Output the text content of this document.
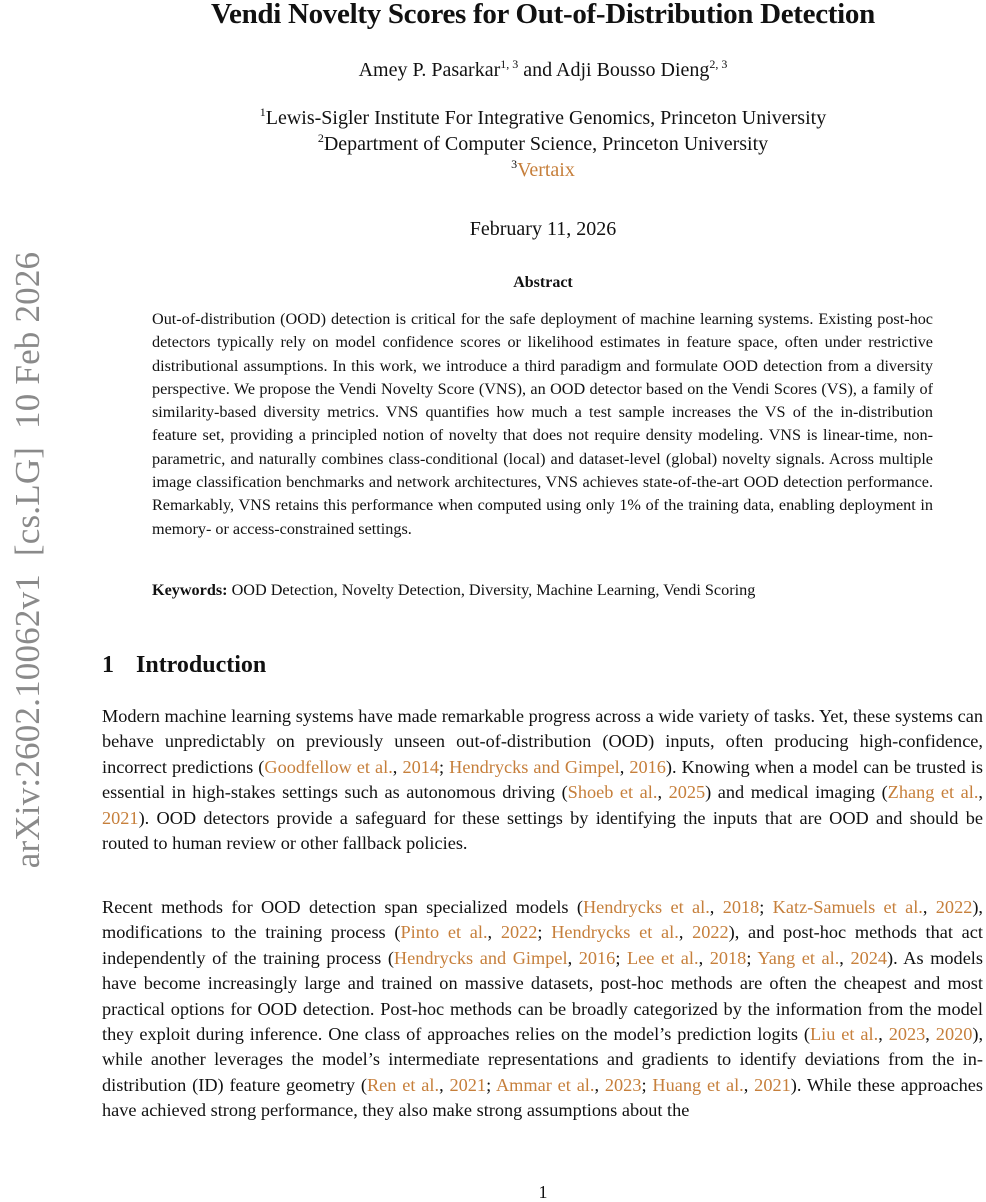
arXiv:2602.10062v1  [cs.LG]  10 Feb 2026
Vendi Novelty Scores for Out-of-Distribution Detection
Amey P. Pasarkar$^{1, 3}$ and Adji Bousso Dieng$^{2, 3}$
$^1$Lewis-Sigler Institute For Integrative Genomics, Princeton University
$^2$Department of Computer Science, Princeton University
$^3$Vertaix
February 11, 2026
Abstract

Out-of-distribution (OOD) detection is critical for the safe deployment of machine learning systems. Existing post-hoc detectors typically rely on model confidence scores or likelihood estimates in feature space, often under restrictive distributional assumptions. In this work, we introduce a third paradigm and formulate OOD detection from a diversity perspective. We propose the Vendi Novelty Score (VNS), an OOD detector based on the Vendi Scores (VS), a family of similarity-based diversity metrics. VNS quantifies how much a test sample increases the VS of the in-distribution feature set, providing a principled notion of novelty that does not require density modeling. VNS is linear-time, non-parametric, and naturally combines class-conditional (local) and dataset-level (global) novelty signals. Across multiple image classification benchmarks and network architectures, VNS achieves state-of-the-art OOD detection performance. Remarkably, VNS retains this performance when computed using only 1% of the training data, enabling deployment in memory- or access-constrained settings.

Keywords: OOD Detection, Novelty Detection, Diversity, Machine Learning, Vendi Scoring
1 Introduction

Modern machine learning systems have made remarkable progress across a wide variety of tasks. Yet, these systems can behave unpredictably on previously unseen out-of-distribution (OOD) inputs, often producing high-confidence, incorrect predictions (Goodfellow et al., 2014; Hendrycks and Gimpel, 2016). Knowing when a model can be trusted is essential in high-stakes settings such as autonomous driving (Shoeb et al., 2025) and medical imaging (Zhang et al., 2021). OOD detectors provide a safeguard for these settings by identifying the inputs that are OOD and should be routed to human review or other fallback policies.

Recent methods for OOD detection span specialized models (Hendrycks et al., 2018; Katz-Samuels et al., 2022), modifications to the training process (Pinto et al., 2022; Hendrycks et al., 2022), and post-hoc methods that act independently of the training process (Hendrycks and Gimpel, 2016; Lee et al., 2018; Yang et al., 2024). As models have become increasingly large and trained on massive datasets, post-hoc methods are often the cheapest and most practical options for OOD detection. Post-hoc methods can be broadly categorized by the information from the model they exploit during inference. One class of approaches relies on the model’s prediction logits (Liu et al., 2023, 2020), while another leverages the model’s intermediate representations and gradients to identify deviations from the in-distribution (ID) feature geometry (Ren et al., 2021; Ammar et al., 2023; Huang et al., 2021). While these approaches have achieved strong performance, they also make strong assumptions about the

1
